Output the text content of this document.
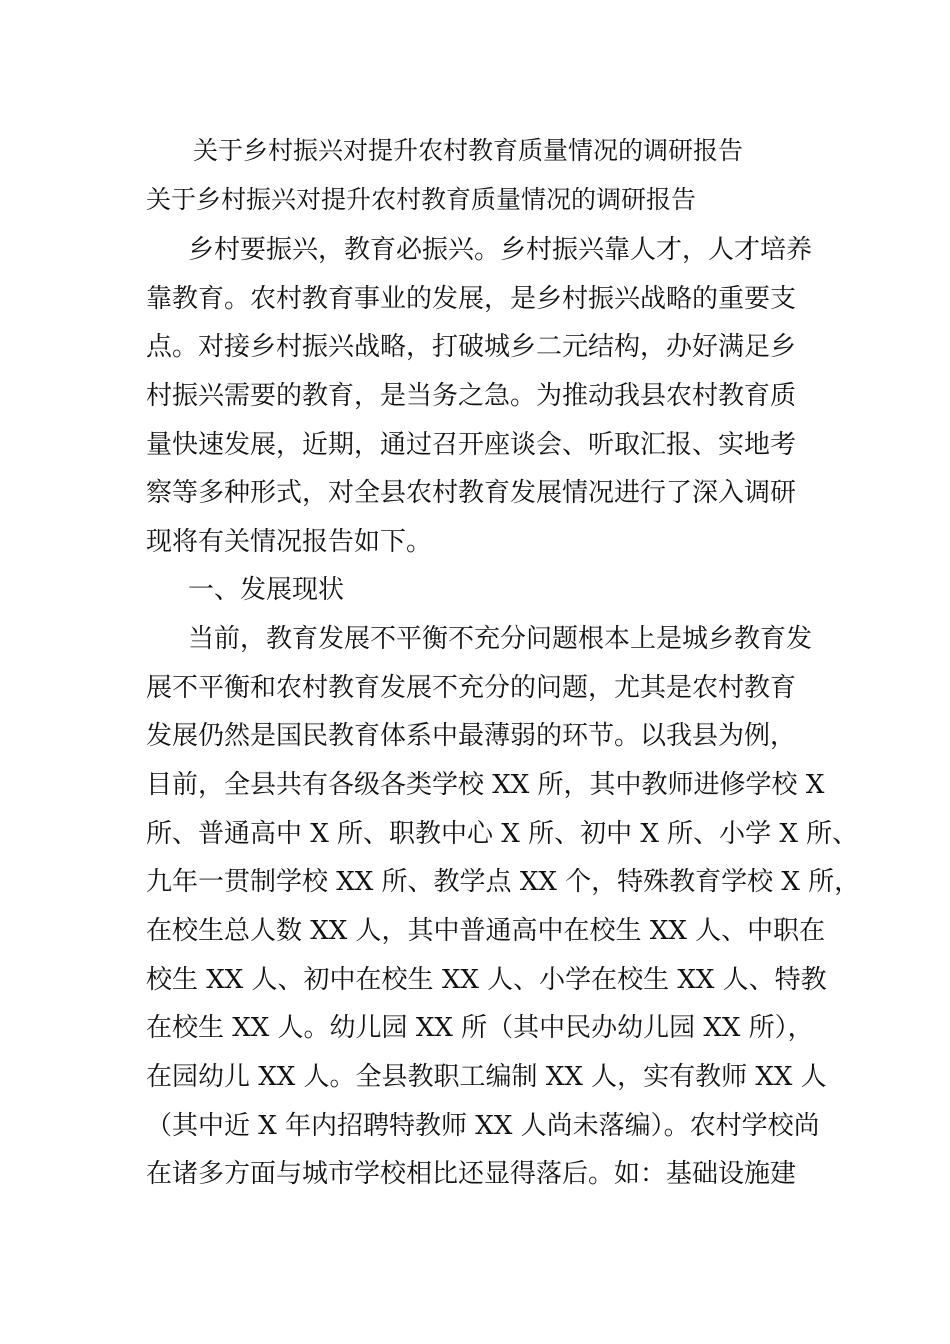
关于乡村振兴对提升农村教育质量情况的调研报告
关于乡村振兴对提升农村教育质量情况的调研报告
乡村要振兴，教育必振兴。乡村振兴靠人才，人才培养
靠教育。农村教育事业的发展，是乡村振兴战略的重要支
点。对接乡村振兴战略，打破城乡二元结构，办好满足乡
村振兴需要的教育，是当务之急。为推动我县农村教育质
量快速发展，近期，通过召开座谈会、听取汇报、实地考
察等多种形式，对全县农村教育发展情况进行了深入调研
现将有关情况报告如下。
一、发展现状
当前，教育发展不平衡不充分问题根本上是城乡教育发
展不平衡和农村教育发展不充分的问题，尤其是农村教育
发展仍然是国民教育体系中最薄弱的环节。以我县为例，
目前，全县共有各级各类学校 XX 所，其中教师进修学校 X
所、普通高中 X 所、职教中心 X 所、初中 X 所、小学 X 所、
九年一贯制学校 XX 所、教学点 XX 个，特殊教育学校 X 所，
在校生总人数 XX 人，其中普通高中在校生 XX 人、中职在
校生 XX 人、初中在校生 XX 人、小学在校生 XX 人、特教
在校生 XX 人。幼儿园 XX 所（其中民办幼儿园 XX 所），
在园幼儿 XX 人。全县教职工编制 XX 人，实有教师 XX 人
（其中近 X 年内招聘特教师 XX 人尚未落编）。农村学校尚
在诸多方面与城市学校相比还显得落后。如：基础设施建
